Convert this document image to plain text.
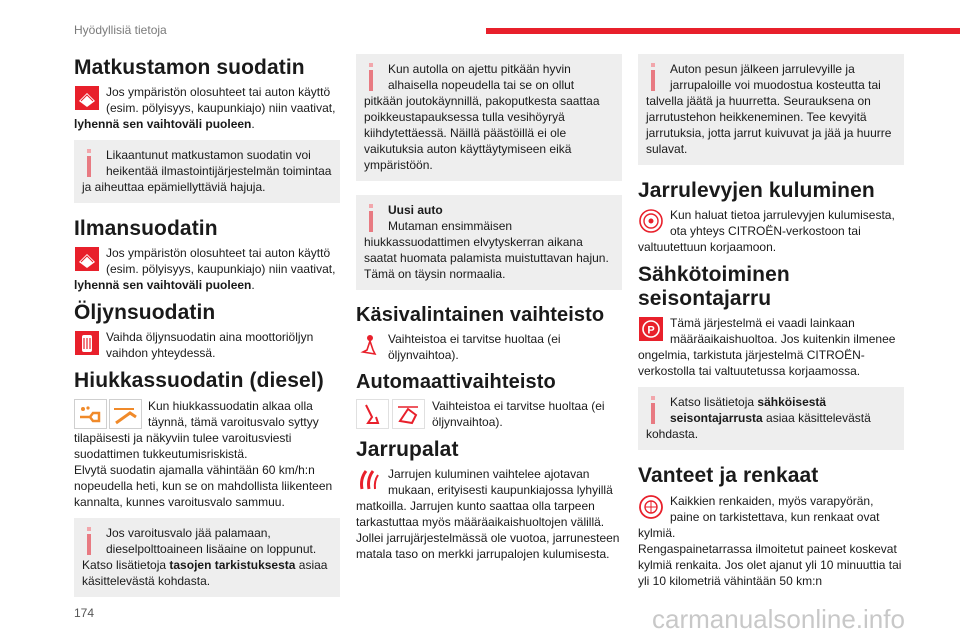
Hyödyllisiä tietoja
Matkustamon suodatin

Jos ympäristön olosuhteet tai auton käyttö (esim. pölyisyys, kaupunkiajo) niin vaativat, lyhennä sen vaihtoväli puoleen.

Likaantunut matkustamon suodatin voi heikentää ilmastointijärjestelmän toimintaa ja aiheuttaa epämiellyttäviä hajuja.
Ilmansuodatin

Jos ympäristön olosuhteet tai auton käyttö (esim. pölyisyys, kaupunkiajo) niin vaativat, lyhennä sen vaihtoväli puoleen.

Öljynsuodatin

Vaihda öljynsuodatin aina moottoriöljyn vaihdon yhteydessä.

Hiukkassuodatin (diesel)

Kun hiukkassuodatin alkaa olla täynnä, tämä varoitusvalo syttyy tilapäisesti ja näkyviin tulee varoitusviesti suodattimen tukkeutumisriskistä.
Elvytä suodatin ajamalla vähintään 60 km/h:n nopeudella heti, kun se on mahdollista liikenteen kannalta, kunnes varoitusvalo sammuu.

Jos varoitusvalo jää palamaan, dieselpolttoaineen lisäaine on loppunut.
Katso lisätietoja tasojen tarkistuksesta asiaa käsittelevästä kohdasta.
Kun autolla on ajettu pitkään hyvin alhaisella nopeudella tai se on ollut pitkään joutokäynnillä, pakoputkesta saattaa poikkeustapauksessa tulla vesihöyryä kiihdytettäessä. Näillä päästöillä ei ole vaikutuksia auton käyttäytymiseen eikä ympäristöön.
Uusi auto
Mutaman ensimmäisen hiukkassuodattimen elvytyskerran aikana saatat huomata palamista muistuttavan hajun. Tämä on täysin normaalia.
Käsivalintainen vaihteisto

Vaihteistoa ei tarvitse huoltaa (ei öljynvaihtoa).

Automaattivaihteisto

Vaihteistoa ei tarvitse huoltaa (ei öljynvaihtoa).

Jarrupalat

Jarrujen kuluminen vaihtelee ajotavan mukaan, erityisesti kaupunkiajossa lyhyillä matkoilla. Jarrujen kunto saattaa olla tarpeen tarkastuttaa myös määräaikaishuoltojen välillä.
Jollei jarrujärjestelmässä ole vuotoa, jarrunesteen matala taso on merkki jarrupalojen kulumisesta.

Auton pesun jälkeen jarrulevyille ja jarrupaloille voi muodostua kosteutta tai talvella jäätä ja huurretta. Seurauksena on jarrutustehon heikkeneminen. Tee kevyitä jarrutuksia, jotta jarrut kuivuvat ja jää ja huurre sulavat.
Jarrulevyjen kuluminen

Kun haluat tietoa jarrulevyjen kulumisesta, ota yhteys CITROËN-verkostoon tai valtuutettuun korjaamoon.

Sähkötoiminen seisontajarru

P
Tämä järjestelmä ei vaadi lainkaan määräaikaishuoltoa. Jos kuitenkin ilmenee ongelmia, tarkistuta järjestelmä CITROËN-verkostolla tai valtuutetussa korjaamossa.

Katso lisätietoja sähköisestä seisontajarrusta asiaa käsittelevästä kohdasta.
Vanteet ja renkaat

Kaikkien renkaiden, myös varapyörän, paine on tarkistettava, kun renkaat ovat kylmiä.
Rengaspainetarrassa ilmoitetut paineet koskevat kylmiä renkaita. Jos olet ajanut yli 10 minuuttia tai yli 10 kilometriä vähintään 50 km:n

174	carmanualsonline.info
